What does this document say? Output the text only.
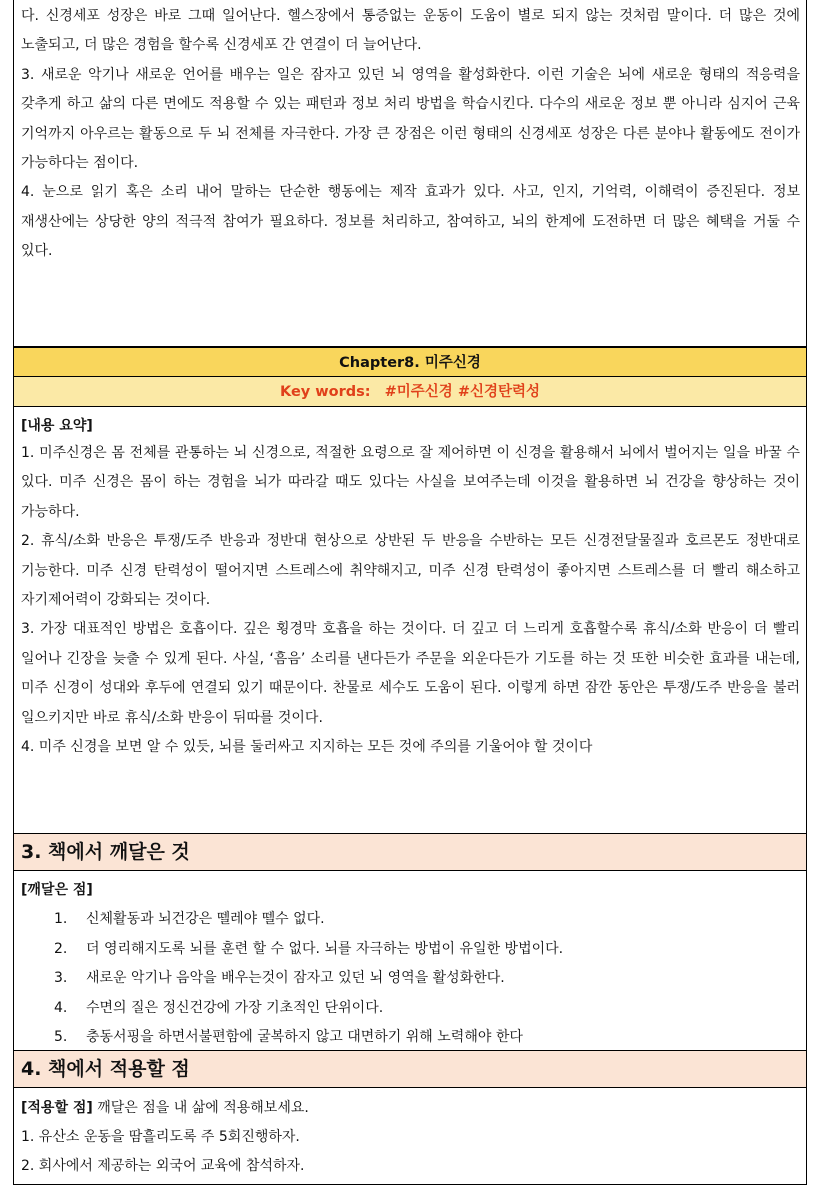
다. 신경세포 성장은 바로 그때 일어난다. 헬스장에서 통증없는 운동이 도움이 별로 되지 않는 것처럼 말이다. 더 많은 것에 노출되고, 더 많은 경험을 할수록 신경세포 간 연결이 더 늘어난다.

3. 새로운 악기나 새로운 언어를 배우는 일은 잠자고 있던 뇌 영역을 활성화한다. 이런 기술은 뇌에 새로운 형태의 적응력을 갖추게 하고 삶의 다른 면에도 적용할 수 있는 패턴과 정보 처리 방법을 학습시킨다. 다수의 새로운 정보 뿐 아니라 심지어 근육 기억까지 아우르는 활동으로 두 뇌 전체를 자극한다. 가장 큰 장점은 이런 형태의 신경세포 성장은 다른 분야나 활동에도 전이가 가능하다는 점이다.

4. 눈으로 읽기 혹은 소리 내어 말하는 단순한 행동에는 제작 효과가 있다. 사고, 인지, 기억력, 이해력이 증진된다. 정보 재생산에는 상당한 양의 적극적 참여가 필요하다. 정보를 처리하고, 참여하고, 뇌의 한계에 도전하면 더 많은 혜택을 거둘 수 있다.

Chapter8. 미주신경
Key words: #미주신경 #신경탄력성
[내용 요약]

1. 미주신경은 몸 전체를 관통하는 뇌 신경으로, 적절한 요령으로 잘 제어하면 이 신경을 활용해서 뇌에서 벌어지는 일을 바꿀 수 있다. 미주 신경은 몸이 하는 경험을 뇌가 따라갈 때도 있다는 사실을 보여주는데 이것을 활용하면 뇌 건강을 향상하는 것이 가능하다.

2. 휴식/소화 반응은 투쟁/도주 반응과 정반대 현상으로 상반된 두 반응을 수반하는 모든 신경전달물질과 호르몬도 정반대로 기능한다. 미주 신경 탄력성이 떨어지면 스트레스에 취약해지고, 미주 신경 탄력성이 좋아지면 스트레스를 더 빨리 해소하고 자기제어력이 강화되는 것이다.

3. 가장 대표적인 방법은 호흡이다. 깊은 횡경막 호흡을 하는 것이다. 더 깊고 더 느리게 호흡할수록 휴식/소화 반응이 더 빨리 일어나 긴장을 늦출 수 있게 된다. 사실, ‘흠음’ 소리를 낸다든가 주문을 외운다든가 기도를 하는 것 또한 비슷한 효과를 내는데, 미주 신경이 성대와 후두에 연결되 있기 때문이다. 찬물로 세수도 도움이 된다. 이렇게 하면 잠깐 동안은 투쟁/도주 반응을 불러 일으키지만 바로 휴식/소화 반응이 뒤따를 것이다.

4. 미주 신경을 보면 알 수 있듯, 뇌를 둘러싸고 지지하는 모든 것에 주의를 기울어야 할 것이다

3. 책에서 깨달은 것
[깨달은 점]
1.	신체활동과 뇌건강은 뗄레야 뗄수 없다.
2.	더 영리해지도록 뇌를 훈련 할 수 없다. 뇌를 자극하는 방법이 유일한 방법이다.
3.	새로운 악기나 음악을 배우는것이 잠자고 있던 뇌 영역을 활성화한다.
4.	수면의 질은 정신건강에 가장 기초적인 단위이다.
5.	충동서핑을 하면서불편함에 굴복하지 않고 대면하기 위해 노력해야 한다
4. 책에서 적용할 점
[적용할 점] 깨달은 점을 내 삶에 적용해보세요.
1. 유산소 운동을 땀흘리도록 주 5회진행하자.
2. 회사에서 제공하는 외국어 교육에 참석하자.
